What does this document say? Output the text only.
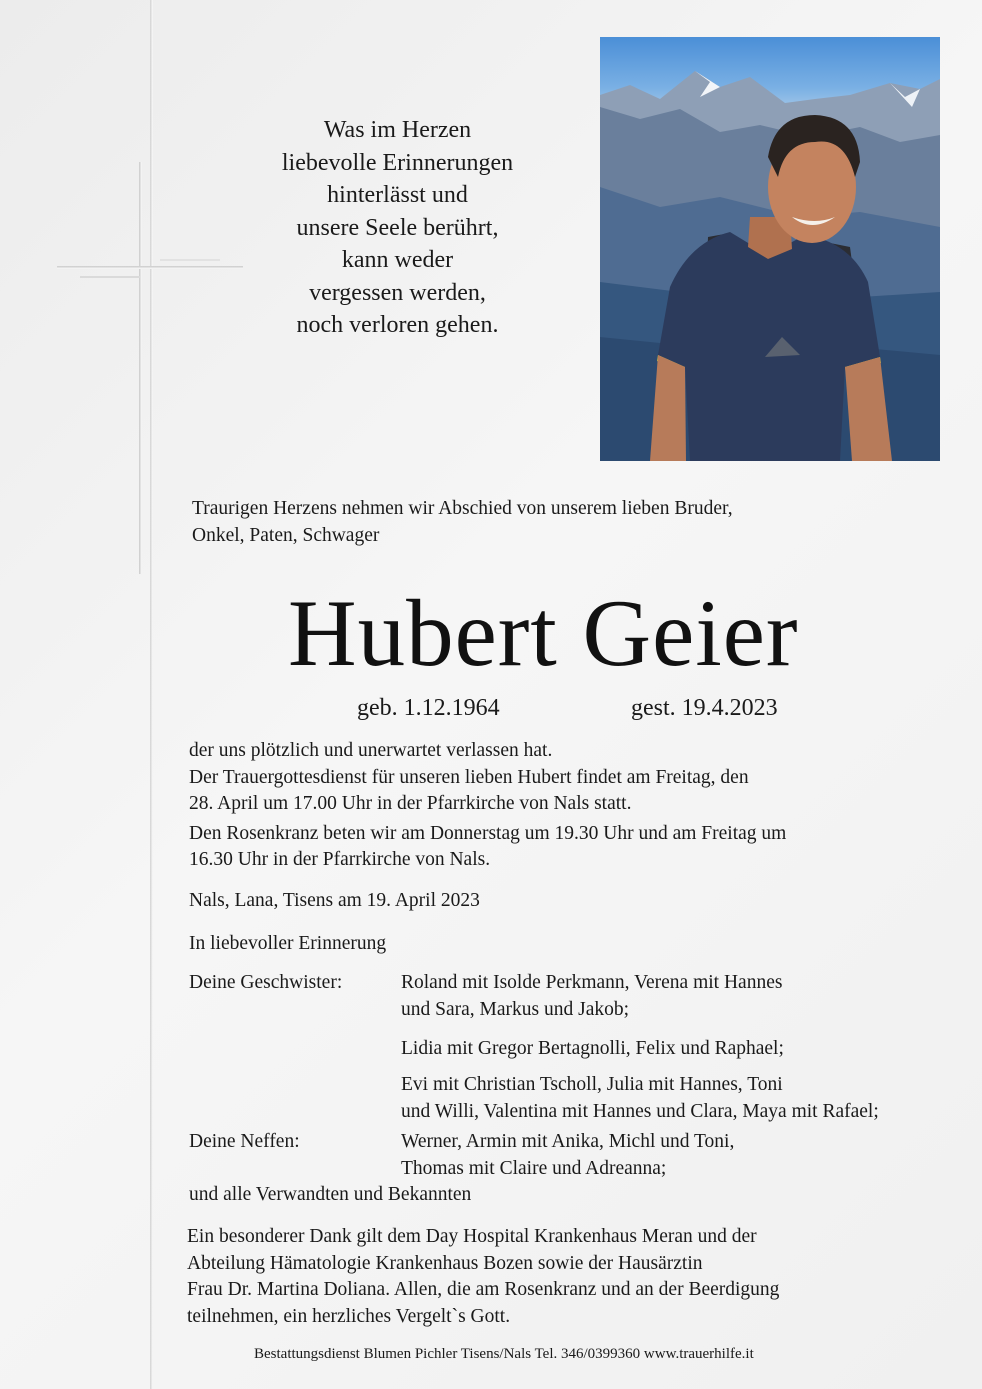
Was im Herzen
liebevolle Erinnerungen
hinterlässt und
unsere Seele berührt,
kann weder
vergessen werden,
noch verloren gehen.
Traurigen Herzens nehmen wir Abschied von unserem lieben Bruder,
Onkel, Paten, Schwager
Hubert Geier
geb. 1.12.1964	gest. 19.4.2023
der uns plötzlich und unerwartet verlassen hat.
Der Trauergottesdienst für unseren lieben Hubert findet am Freitag, den
28. April um 17.00 Uhr in der Pfarrkirche von Nals statt.
Den Rosenkranz beten wir am Donnerstag um 19.30 Uhr und am Freitag um
16.30 Uhr in der Pfarrkirche von Nals.
Nals, Lana, Tisens am 19. April 2023
In liebevoller Erinnerung
Deine Geschwister:	Roland mit Isolde Perkmann, Verena mit Hannes
und Sara, Markus und Jakob;
Lidia mit Gregor Bertagnolli, Felix und Raphael;
Evi mit Christian Tscholl, Julia mit Hannes, Toni
und Willi, Valentina mit Hannes und Clara, Maya mit Rafael;
Deine Neffen:	Werner, Armin mit Anika, Michl und Toni,
Thomas mit Claire und Adreanna;
und alle Verwandten und Bekannten
Ein besonderer Dank gilt dem Day Hospital Krankenhaus Meran und der
Abteilung Hämatologie Krankenhaus Bozen sowie der Hausärztin
Frau Dr. Martina Doliana. Allen, die am Rosenkranz und an der Beerdigung
teilnehmen, ein herzliches Vergelt`s Gott.
Bestattungsdienst Blumen Pichler Tisens/Nals Tel. 346/0399360 www.trauerhilfe.it
